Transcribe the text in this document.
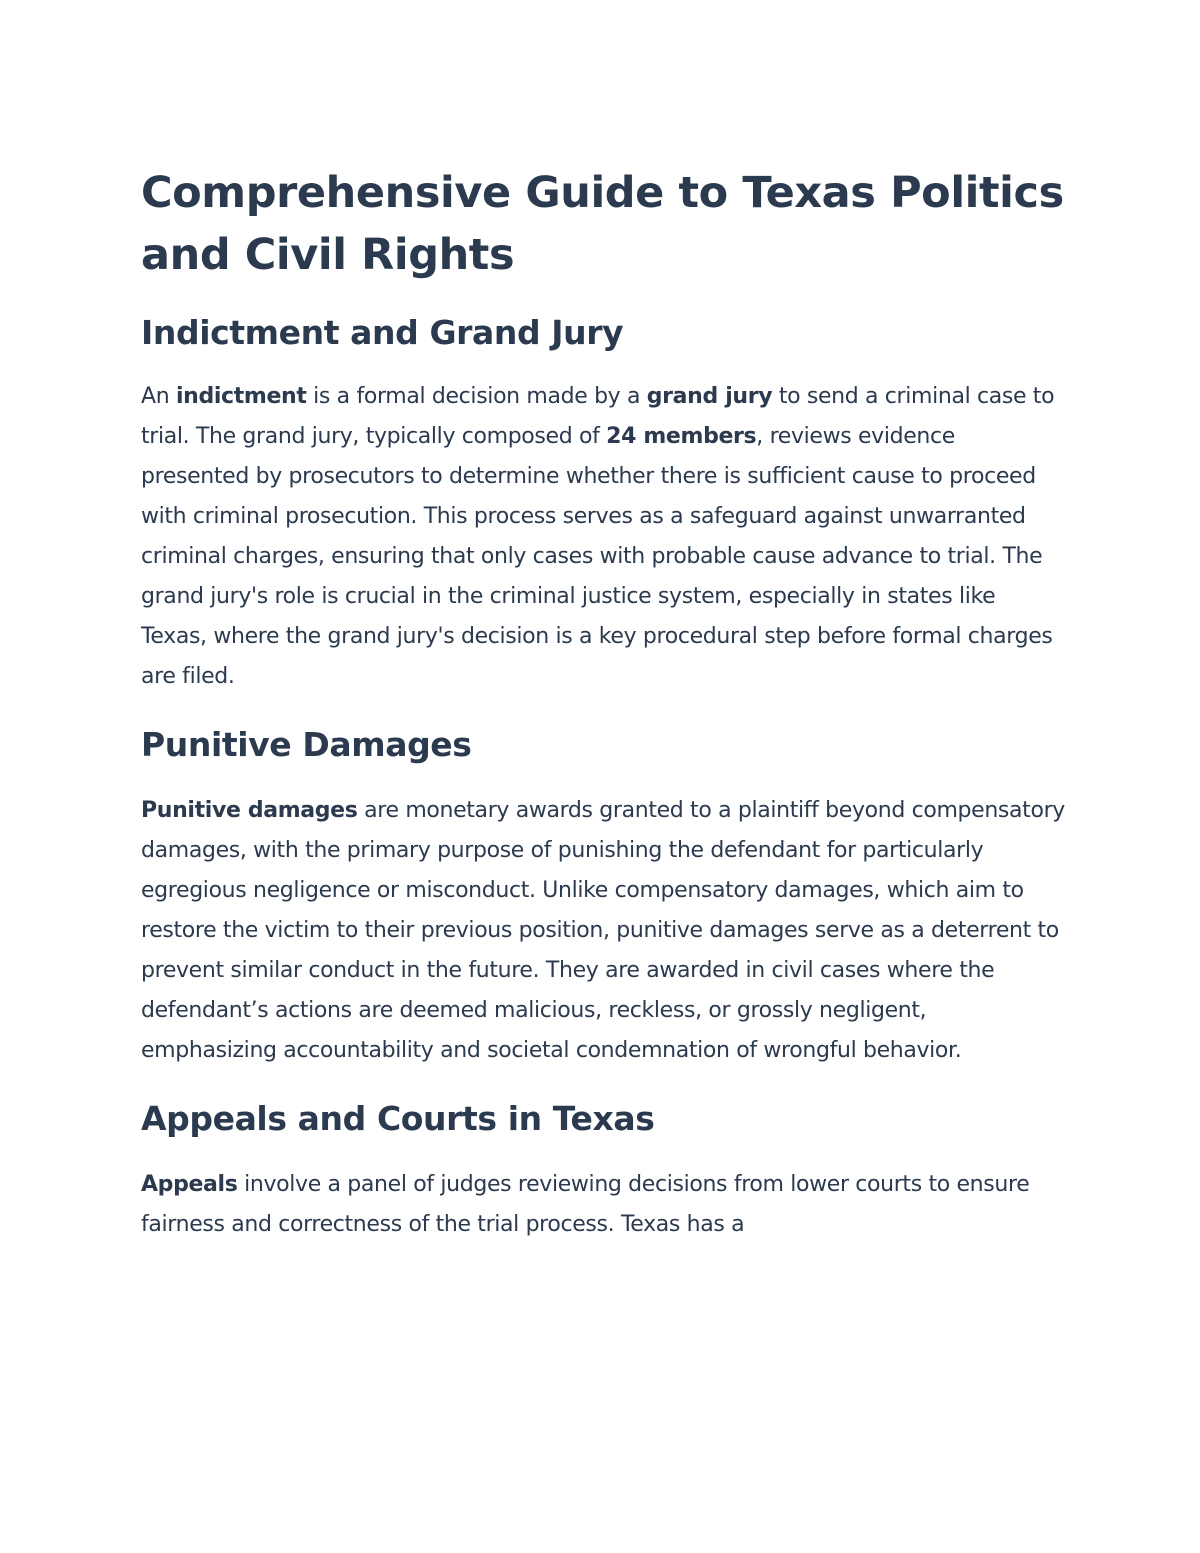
Comprehensive Guide to Texas Politics and Civil Rights
Indictment and Grand Jury

An indictment is a formal decision made by a grand jury to send a criminal case to trial. The grand jury, typically composed of 24 members, reviews evidence presented by prosecutors to determine whether there is sufficient cause to proceed with criminal prosecution. This process serves as a safeguard against unwarranted criminal charges, ensuring that only cases with probable cause advance to trial. The grand jury's role is crucial in the criminal justice system, especially in states like Texas, where the grand jury's decision is a key procedural step before formal charges are filed.

Punitive Damages

Punitive damages are monetary awards granted to a plaintiff beyond compensatory damages, with the primary purpose of punishing the defendant for particularly egregious negligence or misconduct. Unlike compensatory damages, which aim to restore the victim to their previous position, punitive damages serve as a deterrent to prevent similar conduct in the future. They are awarded in civil cases where the defendant’s actions are deemed malicious, reckless, or grossly negligent, emphasizing accountability and societal condemnation of wrongful behavior.

Appeals and Courts in Texas

Appeals involve a panel of judges reviewing decisions from lower courts to ensure fairness and correctness of the trial process. Texas has a
